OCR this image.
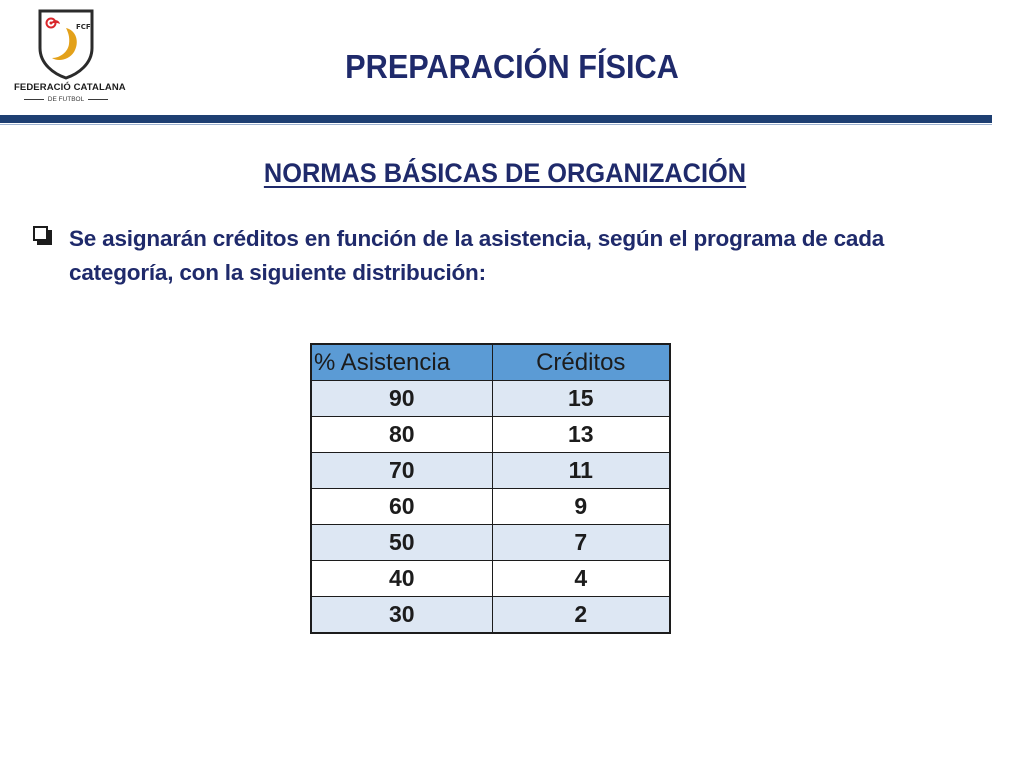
FCF
FEDERACIÓ CATALANA
DE FUTBOL
PREPARACIÓN FÍSICA
NORMAS BÁSICAS DE ORGANIZACIÓN
Se asignarán créditos en función de la asistencia, según el programa de cada categoría, con la siguiente distribución:
% Asistencia	Créditos
90	15
80	13
70	11
60	9
50	7
40	4
30	2
